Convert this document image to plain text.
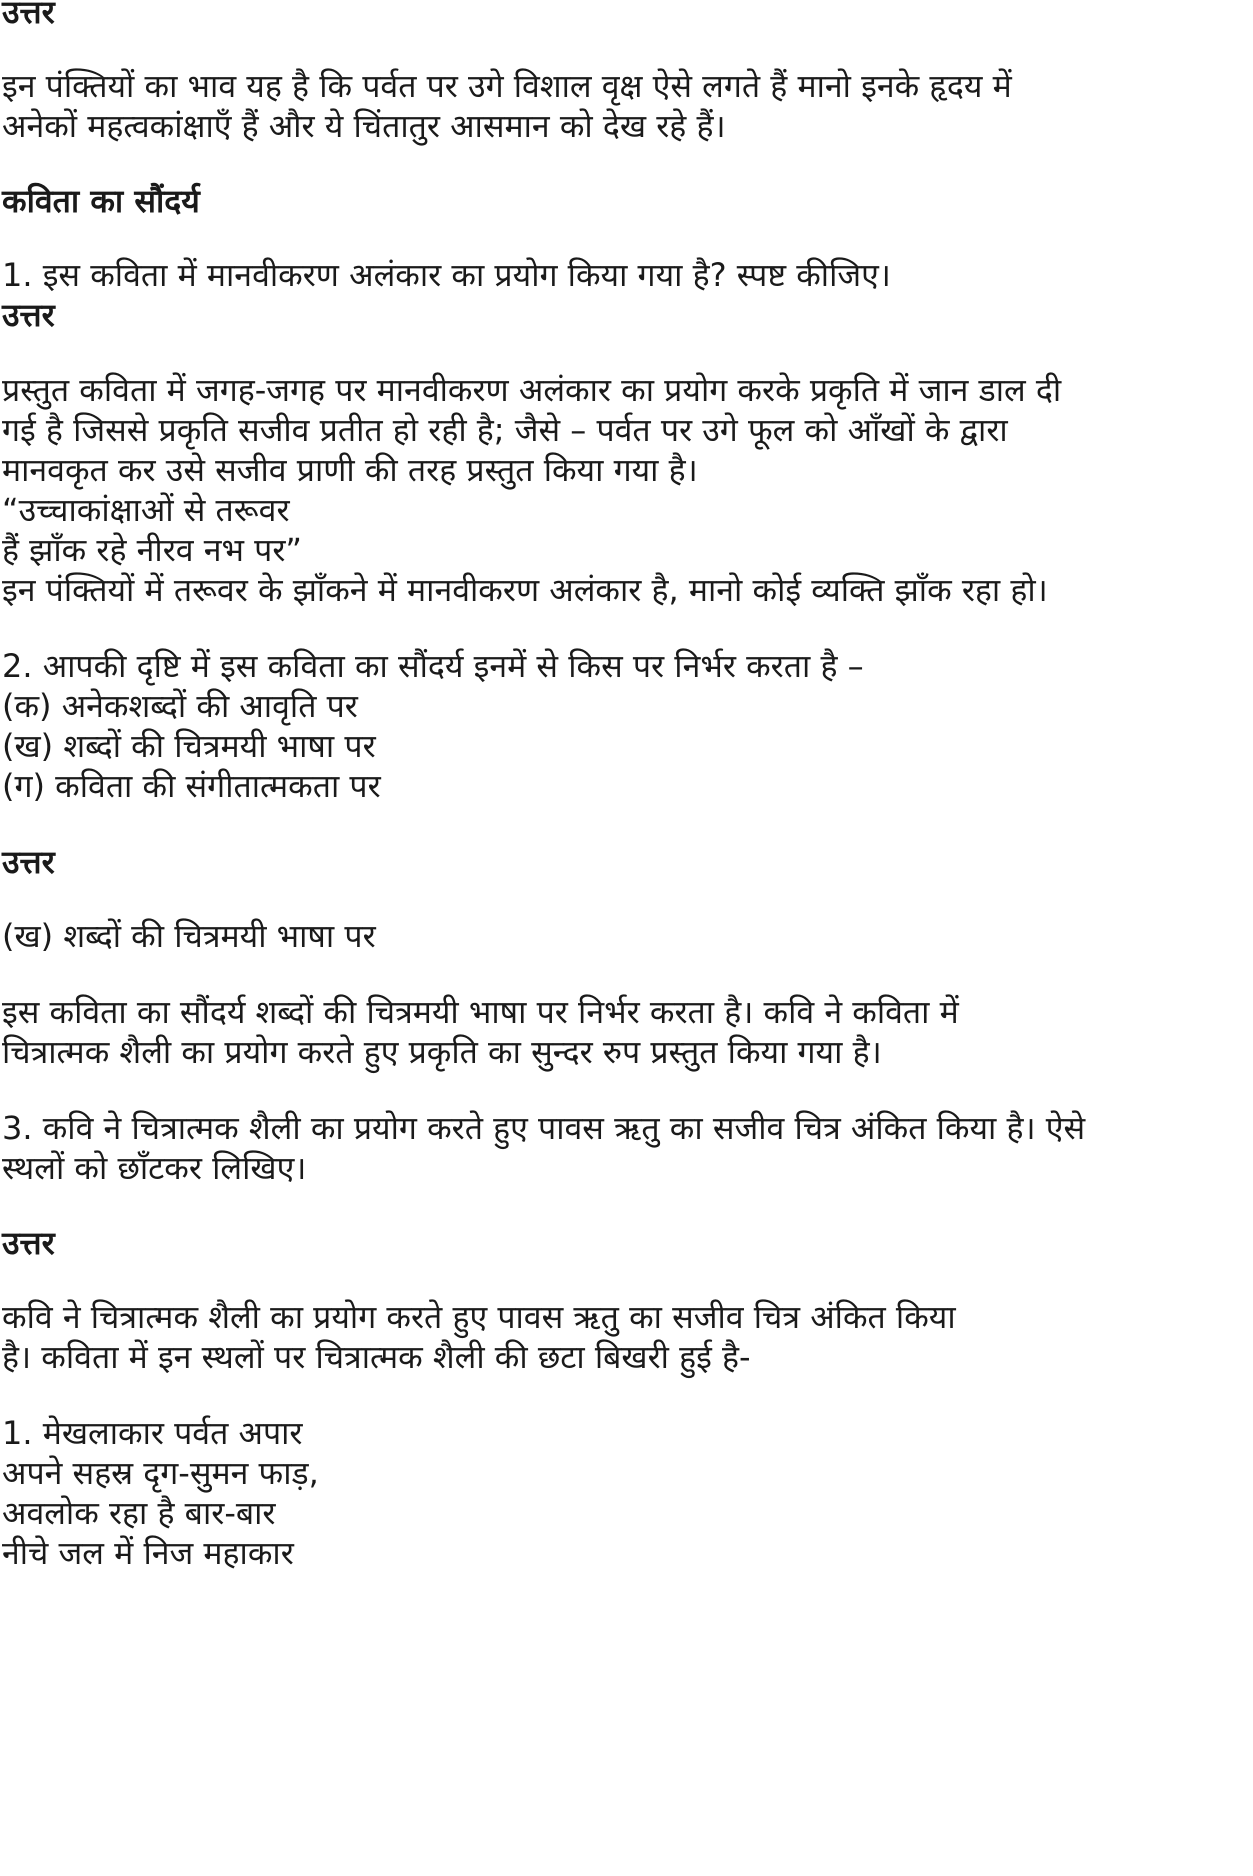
उत्तर
इन पंक्तियों का भाव यह है कि पर्वत पर उगे विशाल वृक्ष ऐसे लगते हैं मानो इनके हृदय में
अनेकों महत्वकांक्षाएँ हैं और ये चिंतातुर आसमान को देख रहे हैं।
कविता का सौंदर्य
1. इस कविता में मानवीकरण अलंकार का प्रयोग किया गया है? स्पष्ट कीजिए।
उत्तर
प्रस्तुत कविता में जगह-जगह पर मानवीकरण अलंकार का प्रयोग करके प्रकृति में जान डाल दी
गई है जिससे प्रकृति सजीव प्रतीत हो रही है; जैसे – पर्वत पर उगे फूल को आँखों के द्वारा
मानवकृत कर उसे सजीव प्राणी की तरह प्रस्तुत किया गया है।
“उच्चाकांक्षाओं से तरूवर
हैं झाँक रहे नीरव नभ पर”
इन पंक्तियों में तरूवर के झाँकने में मानवीकरण अलंकार है, मानो कोई व्यक्ति झाँक रहा हो।
2. आपकी दृष्टि में इस कविता का सौंदर्य इनमें से किस पर निर्भर करता है –
(क) अनेकशब्दों की आवृति पर
(ख) शब्दों की चित्रमयी भाषा पर
(ग) कविता की संगीतात्मकता पर
उत्तर
(ख) शब्दों की चित्रमयी भाषा पर
इस कविता का सौंदर्य शब्दों की चित्रमयी भाषा पर निर्भर करता है। कवि ने कविता में
चित्रात्मक शैली का प्रयोग करते हुए प्रकृति का सुन्दर रुप प्रस्तुत किया गया है।
3. कवि ने चित्रात्मक शैली का प्रयोग करते हुए पावस ऋतु का सजीव चित्र अंकित किया है। ऐसे
स्थलों को छाँटकर लिखिए।
उत्तर
कवि ने चित्रात्मक शैली का प्रयोग करते हुए पावस ऋतु का सजीव चित्र अंकित किया
है। कविता में इन स्थलों पर चित्रात्मक शैली की छटा बिखरी हुई है-
1. मेखलाकार पर्वत अपार
अपने सहस्र दृग-सुमन फाड़,
अवलोक रहा है बार-बार
नीचे जल में निज महाकार
